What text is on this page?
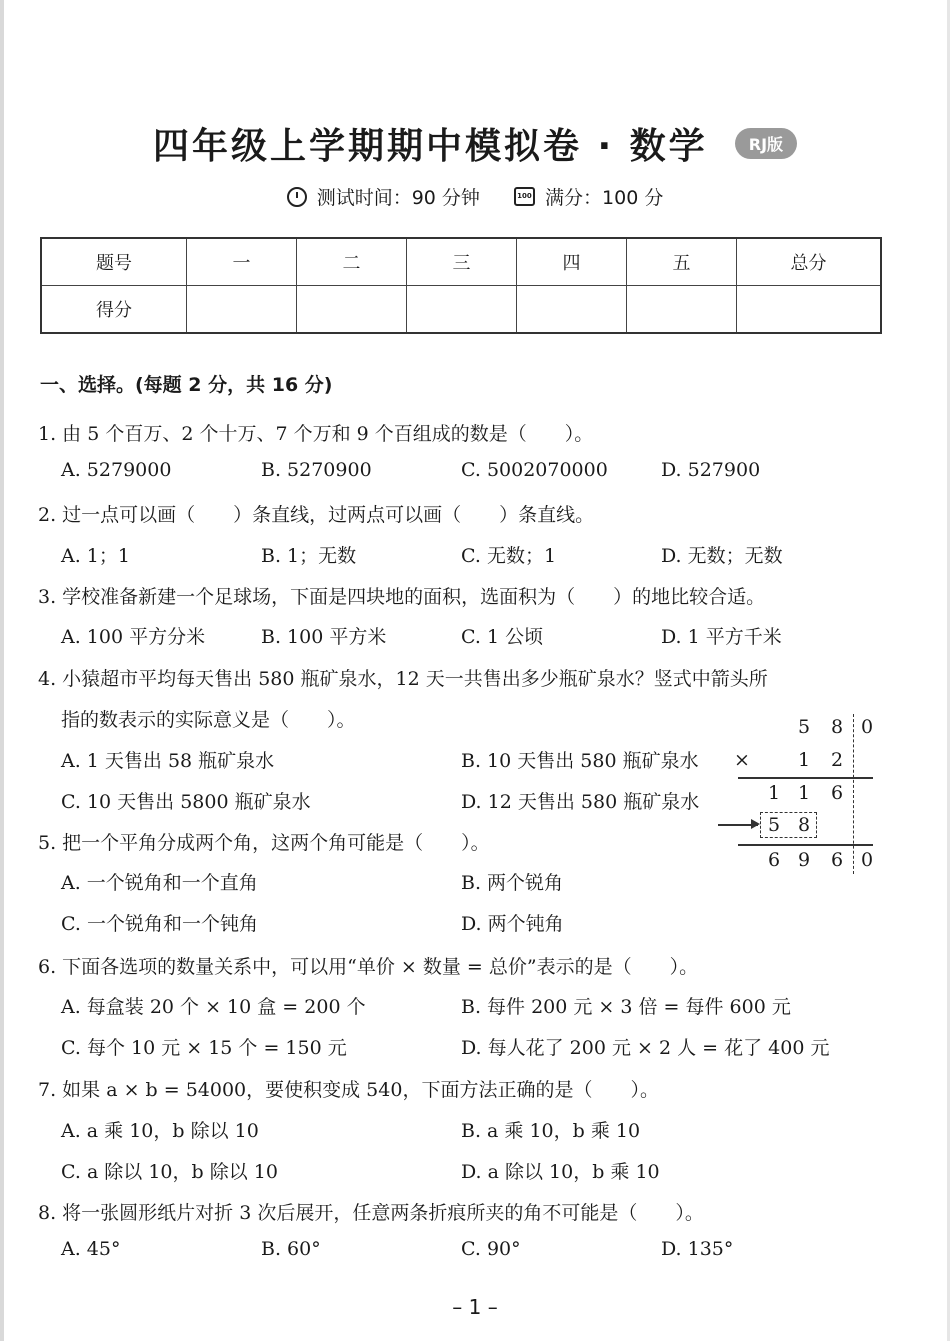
四年级上学期期中模拟卷 · 数学	RJ版
测试时间：90 分钟	100 满分：100 分
题号	一	二	三	四	五	总分
得分						
一、选择。(每题 2 分，共 16 分)
1. 由 5 个百万、2 个十万、7 个万和 9 个百组成的数是（　　）。
A. 5279000	B. 5270900	C. 5002070000	D. 527900
2. 过一点可以画（　　）条直线，过两点可以画（　　）条直线。
A. 1；1	B. 1；无数	C. 无数；1	D. 无数；无数
3. 学校准备新建一个足球场，下面是四块地的面积，选面积为（　　）的地比较合适。
A. 100 平方分米	B. 100 平方米	C. 1 公顷	D. 1 平方千米
4. 小猿超市平均每天售出 580 瓶矿泉水，12 天一共售出多少瓶矿泉水？竖式中箭头所
指的数表示的实际意义是（　　）。
A. 1 天售出 58 瓶矿泉水	B. 10 天售出 580 瓶矿泉水
C. 10 天售出 5800 瓶矿泉水	D. 12 天售出 580 瓶矿泉水
5 8 0
×	1 2
1 1 6
5 8
6 9 6 0
5. 把一个平角分成两个角，这两个角可能是（　　）。
A. 一个锐角和一个直角	B. 两个锐角
C. 一个锐角和一个钝角	D. 两个钝角
6. 下面各选项的数量关系中，可以用“单价 × 数量 = 总价”表示的是（　　）。
A. 每盒装 20 个 × 10 盒 = 200 个	B. 每件 200 元 × 3 倍 = 每件 600 元
C. 每个 10 元 × 15 个 = 150 元	D. 每人花了 200 元 × 2 人 = 花了 400 元
7. 如果 a × b = 54000，要使积变成 540，下面方法正确的是（　　）。
A. a 乘 10，b 除以 10	B. a 乘 10，b 乘 10
C. a 除以 10，b 除以 10	D. a 除以 10，b 乘 10
8. 将一张圆形纸片对折 3 次后展开，任意两条折痕所夹的角不可能是（　　）。
A. 45°	B. 60°	C. 90°	D. 135°
– 1 –
